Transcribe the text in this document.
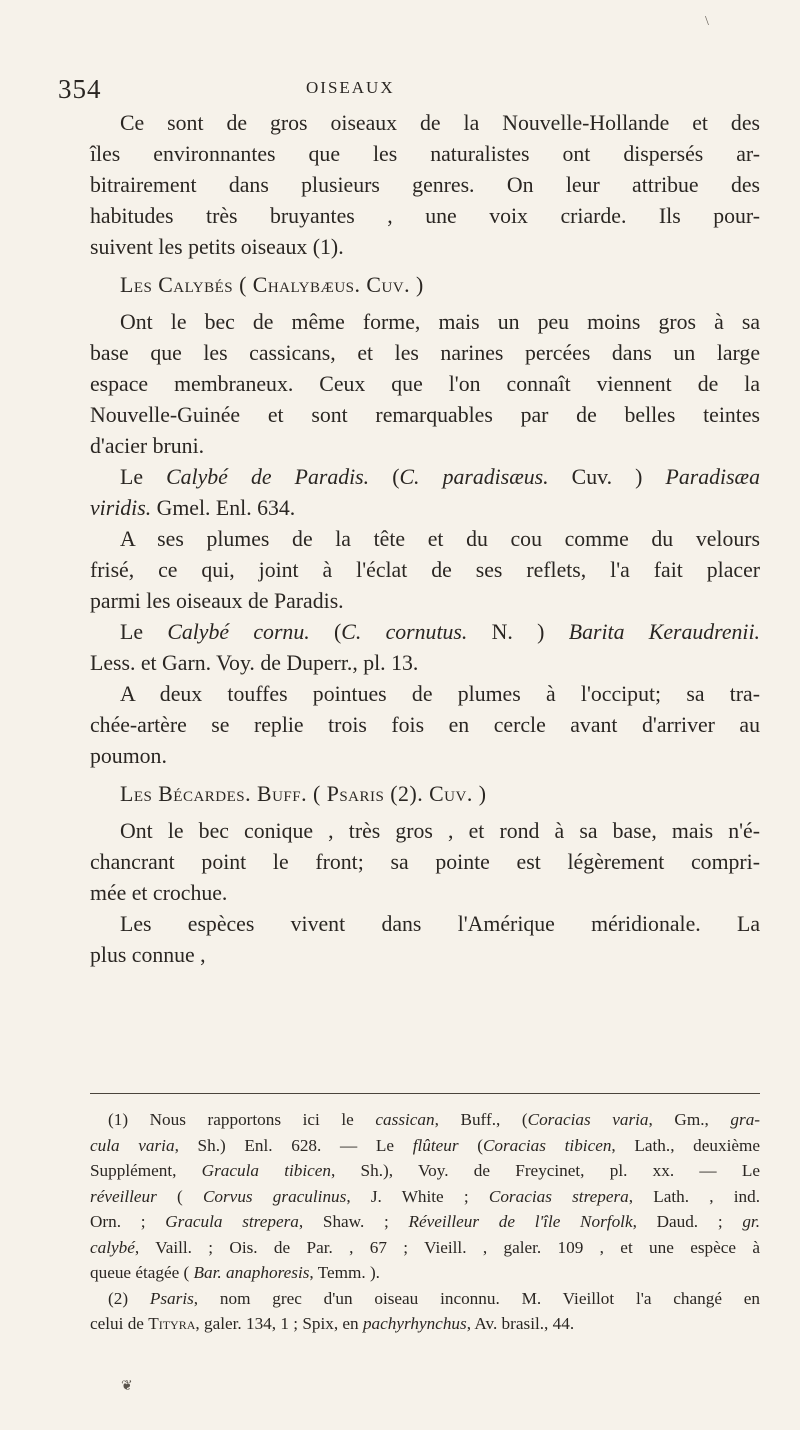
\
354	OISEAUX
Ce sont de gros oiseaux de la Nouvelle-Hollande et des
îles environnantes que les naturalistes ont dispersés ar-
bitrairement dans plusieurs genres. On leur attribue des
habitudes très bruyantes , une voix criarde. Ils pour-
suivent les petits oiseaux (1).
Les Calybés ( Chalybæus. Cuv. )
Ont le bec de même forme, mais un peu moins gros à sa
base que les cassicans, et les narines percées dans un large
espace membraneux. Ceux que l'on connaît viennent de la
Nouvelle-Guinée et sont remarquables par de belles teintes
d'acier bruni.
Le Calybé de Paradis. (C. paradisæus. Cuv. ) Paradisæa
viridis. Gmel. Enl. 634.
A ses plumes de la tête et du cou comme du velours
frisé, ce qui, joint à l'éclat de ses reflets, l'a fait placer
parmi les oiseaux de Paradis.
Le Calybé cornu. (C. cornutus. N. ) Barita Keraudrenii.
Less. et Garn. Voy. de Duperr., pl. 13.
A deux touffes pointues de plumes à l'occiput; sa tra-
chée-artère se replie trois fois en cercle avant d'arriver au
poumon.
Les Bécardes. Buff. ( Psaris (2). Cuv. )
Ont le bec conique , très gros , et rond à sa base, mais n'é-
chancrant point le front; sa pointe est légèrement compri-
mée et crochue.
Les espèces vivent dans l'Amérique méridionale. La
plus connue ,
(1) Nous rapportons ici le cassican, Buff., (Coracias varia, Gm., gra-
cula varia, Sh.) Enl. 628. — Le flûteur (Coracias tibicen, Lath., deuxième
Supplément, Gracula tibicen, Sh.), Voy. de Freycinet, pl. xx. — Le
réveilleur ( Corvus graculinus, J. White ; Coracias strepera, Lath. , ind.
Orn. ; Gracula strepera, Shaw. ; Réveilleur de l'île Norfolk, Daud. ; gr.
calybé, Vaill. ; Ois. de Par. , 67 ; Vieill. , galer. 109 , et une espèce à
queue étagée ( Bar. anaphoresis, Temm. ).
(2) Psaris, nom grec d'un oiseau inconnu. M. Vieillot l'a changé en
celui de Tityra, galer. 134, 1 ; Spix, en pachyrhynchus, Av. brasil., 44.
❦
